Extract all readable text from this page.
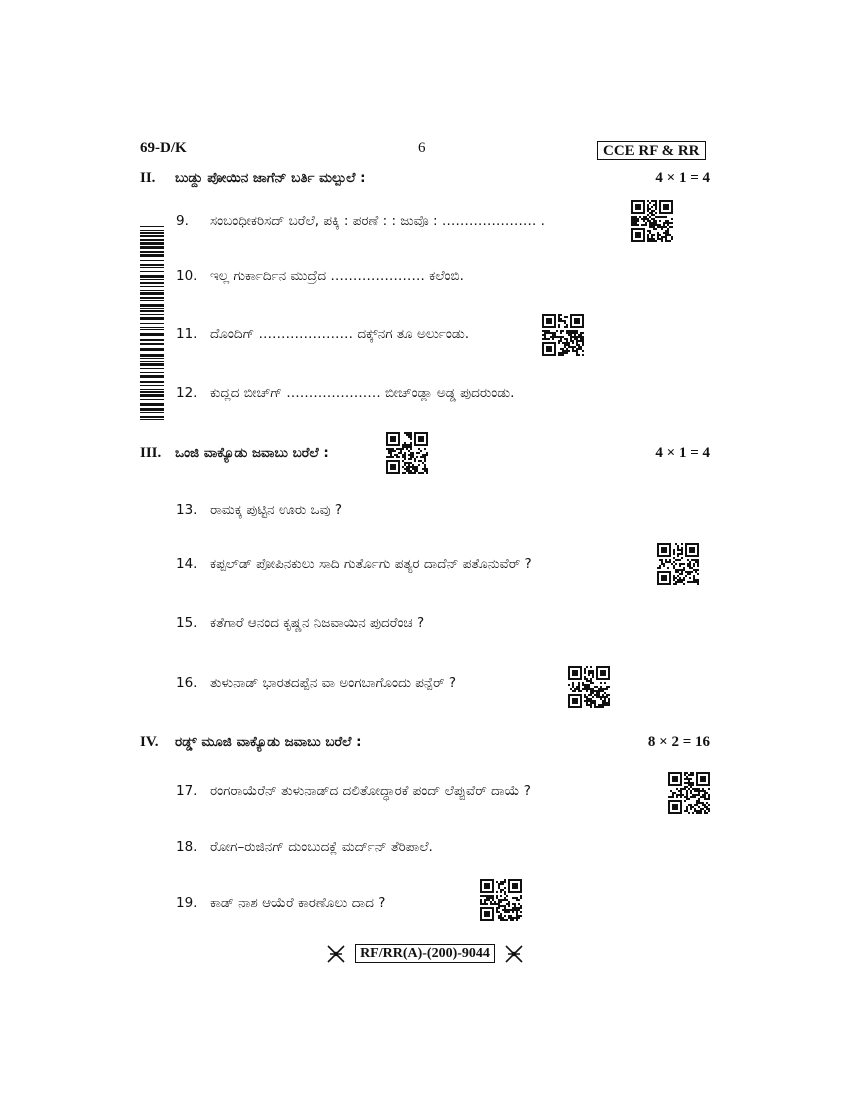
69-D/K	6	CCE RF & RR
II. ಬುಡ್ದು ಪೋಯಿನ ಜಾಗೆನ್ ಬರ್ತಿ ಮಲ್ಪುಲೆ :	4 × 1 = 4
9. ಸಂಬಂಧೀಕರಿಸದ್ ಬರೆಲೆ, ಪಕ್ಕಿ : ಪರಣೆ : : ಜುವೊ : ………………… .
10. ಇಲ್ಲ ಗುರ್ಕಾರ್ದಿನ ಮುದ್ರೆದ ………………… ಕಲೆಂಬಿ.
11. ದೊಂದಿಗ್ ………………… ದಕ್ಕ್‌ನಗ ತೂ ಅರ್ಲುಂಡು.
12. ಕುದ್ಲದ ಬೀಚ್‌ಗ್ ………………… ಬೀಚ್‌ಂಡ್ಲಾ ಅಡ್ಡ ಪುದರುಂಡು.
III. ಒಂಜಿ ವಾಕ್ಯೊಡು ಜವಾಬು ಬರೆಲೆ :	4 × 1 = 4
13. ರಾಮಕ್ಕ ಪುಟ್ಟಿನ ಊರು ಒವು ?
14. ಕಪ್ಪಲ್‌ಡ್ ಪೋಪಿನಕುಲು ಸಾದಿ ಗುರ್ತೊಗು ಪತ್ಯರ ದಾದೆನ್ ಪತೊನುವೆರ್ ?
15. ಕತೆಗಾರೆ ಆನಂದ ಕೃಷ್ಣನ ನಿಜವಾಯಿನ ಪುದರೆಂಚ ?
16. ತುಳುನಾಡ್ ಭಾರತದಪ್ಪೆನ ವಾ ಅಂಗಬಾಗೊಂದು ಪನ್ಪೆರ್ ?
IV. ರಡ್ಡ್ ಮೂಜಿ ವಾಕ್ಯೊಡು ಜವಾಬು ಬರೆಲೆ :	8 × 2 = 16
17. ರಂಗರಾಯೆರೆನ್ ತುಳುನಾಡ್‌ದ ದಲಿತೋದ್ಧಾರಕೆ ಪಂದ್ ಲೆಪ್ಪುವೆರ್ ದಾಯೆ ?
18. ರೋಗ–ರುಜಿನಗ್ ದುಂಬುದಕ್ಲೆ ಮರ್ದ್‌ನ್ ತೆರಿಪಾಲೆ.
19. ಕಾಡ್ ನಾಶ ಆಯೆರೆ ಕಾರಣೊಲು ದಾದ ?
RF/RR(A)-(200)-9044
